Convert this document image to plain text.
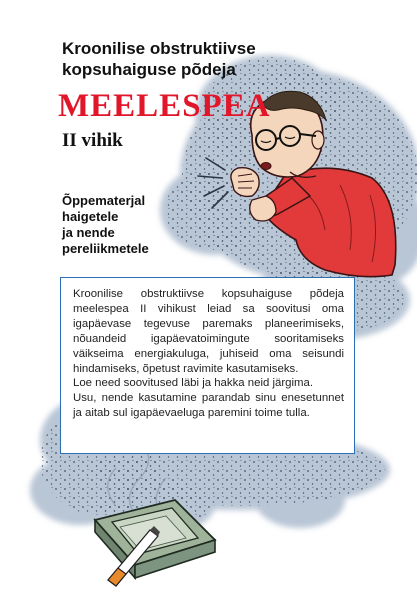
Kroonilise obstruktiivse
kopsuhaiguse põdeja
MEELESPEA
II vihik
Õppematerjal
haigetele
ja nende
pereliikmetele

Kroonilise obstruktiivse kopsuhaiguse põdeja meelespea II vihikust leiad sa soovitusi oma igapäevase tegevuse paremaks planeerimiseks, nõuandeid igapäevatoimingute sooritamiseks väikseima energiakuluga, juhiseid oma seisundi hindamiseks, õpetust ravimite kasutamiseks.

Loe need soovitused läbi ja hakka neid järgima.

Usu, nende kasutamine parandab sinu enesetunnet ja aitab sul igapäevaeluga paremini toime tulla.
